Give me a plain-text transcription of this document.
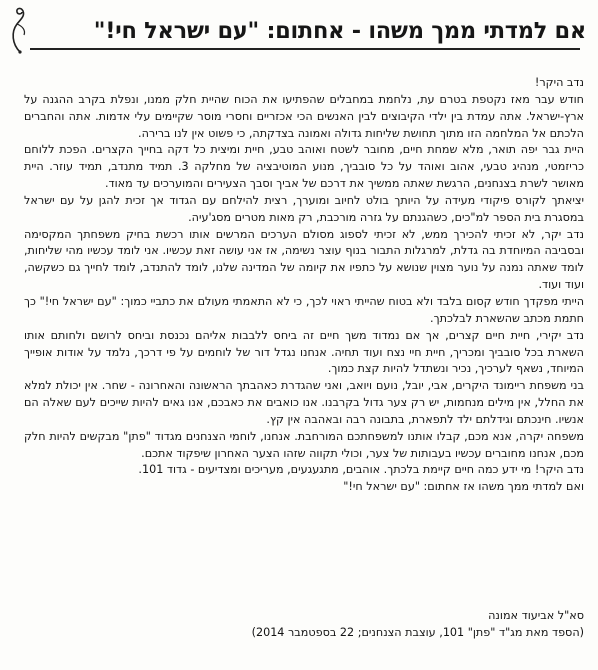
אם למדתי ממך משהו - אחתום: "עם ישראל חי!"

נדב היקר!

חודש עבר מאז נקטפת בטרם עת, נלחמת במחבלים שהפתיעו את הכוח שהיית חלק ממנו, ונפלת בקרב ההגנה על ארץ-ישראל. אתה עמדת בין ילדי הקיבוצים לבין האנשים הכי אכזריים וחסרי מוסר שקיימים עלי אדמות. אתה והחברים הלכתם אל המלחמה הזו מתוך תחושת שליחות גדולה ואמונה בצדקתה, כי פשוט אין לנו ברירה.

היית גבר יפה תואר, מלא שמחת חיים, מחובר לשטח ואוהב טבע, חיית ומיצית כל דקה בחייך הקצרים. הפכת ללוחם כריזמטי, מנהיג טבעי, אהוב ואוהד על כל סובביך, מנוע המוטיבציה של מחלקה 3. תמיד מתנדב, תמיד עוזר. היית מאושר לשרת בצנחנים, הרגשת שאתה ממשיך את דרכם של אביך וסבך הצעירים והמוערכים עד מאוד.

יציאתך לקורס פיקודי מעידה על היותך בולט לחיוב ומוערך, רצית להילחם עם הגדוד אך זכית להגן על עם ישראל במסגרת בית הספר למ"כים, כשהגנתם על גזרה מורכבת, רק מאות מטרים מסג'עיה.

נדב יקר, לא זכיתי להכירך ממש, לא זכיתי לספוג מסולם הערכים המרשים אותו רכשת בחיק משפחתך המקסימה ובסביבה המיוחדת בה גדלת, למרגלות התבור בנוף עוצר נשימה, אז אני עושה זאת עכשיו. אני לומד עכשיו מהי שליחות, לומד שאתה נמנה על נוער מצוין שנושא על כתפיו את קיומה של המדינה שלנו, לומד להתנדב, לומד לחייך גם כשקשה, ועוד ועוד.

הייתי מפקדך חודש קסום בלבד ולא בטוח שהייתי ראוי לכך, כי לא התאמתי מעולם את כתביי כמוך: "עם ישראל חי!" כך חתמת מכתב שהשארת לבלכתך.

נדב יקירי, חיית חיים קצרים, אך אם נמדוד משך חיים זה ביחס ללבבות אליהם נכנסת וביחס לרושם ולחותם אותו השארת בכל סובביך ומכריך, חיית חיי נצח ועוד תחיה. אנחנו נגדל דור של לוחמים על פי דרכך, נלמד על אודות אופייך המיוחד, נשאף לערכיך, נכיר ונשתדל להיות קצת כמוך.

בני משפחת ריימונד היקרים, אבי, יובל, נועם ויואב, ואני שהגדרת כאהבתך הראשונה והאחרונה - שחר. אין יכולת למלא את החלל, אין מילים מנחמות, יש רק צער גדול בקרבנו. אנו כואבים את כאבכם, אנו גאים להיות שייכים לעם שאלה הם אנשיו. חינכתם וגידלתם ילד לתפארת, בתבונה רבה ובאהבה אין קץ.

משפחה יקרה, אנא מכם, קבלו אותנו למשפחתכם המורחבת. אנחנו, לוחמי הצנחנים מגדוד "פתן" מבקשים להיות חלק מכם, אנחנו מחוברים עכשיו בעבותות של צער, וכולי תקווה שזהו הצער האחרון שיפקוד אתכם.

נדב היקר! מי ידע כמה חיים קיימת בלכתך. אוהבים, מתגעגעים, מעריכים ומצדיעים - גדוד 101.

ואם למדתי ממך משהו אז אחתום: "עם ישראל חי!"

סא"ל אביעוד אמונה

(הספד מאת מג"ד "פתן" 101, עוצבת הצנחנים; 22 בספטמבר 2014)
